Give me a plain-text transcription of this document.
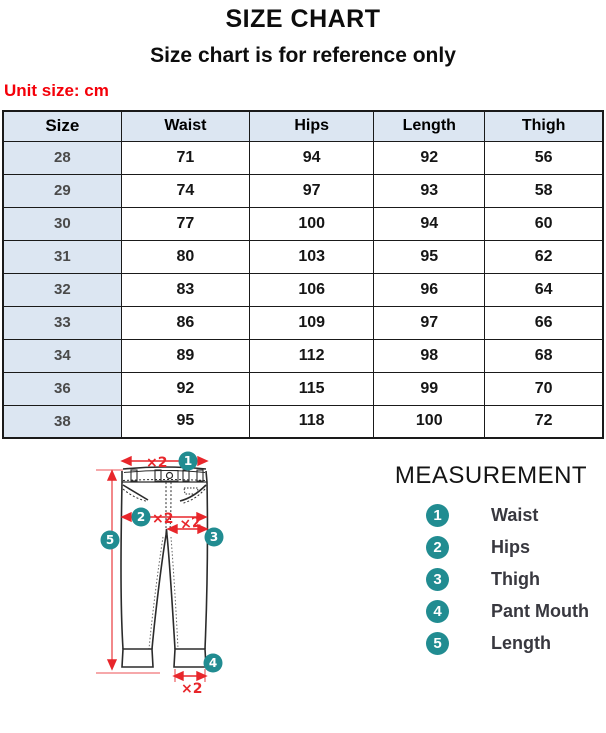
SIZE CHART
Size chart is for reference only
Unit size: cm
Size	Waist	Hips	Length	Thigh
28	71	94	92	56
29	74	97	93	58
30	77	100	94	60
31	80	103	95	62
32	83	106	96	64
33	86	109	97	66
34	89	112	98	68
36	92	115	99	70
38	95	118	100	72
×2
×2 ×2
×2
1
2
3
4
5
MEASUREMENT
1	Waist
2	Hips
3	Thigh
4	Pant Mouth
5	Length
